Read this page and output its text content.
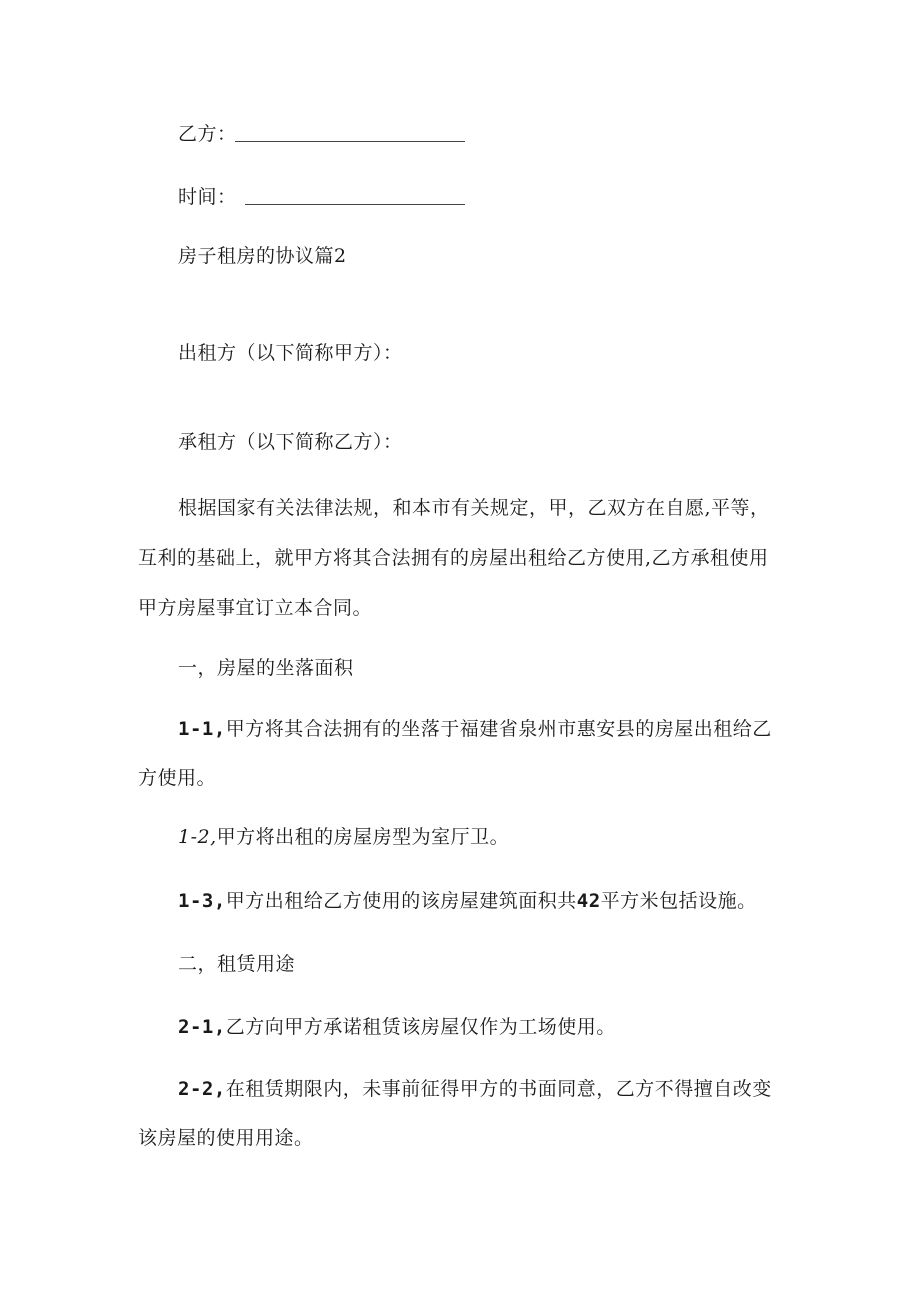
乙方：
时间：
房子租房的协议篇2
出租方（以下简称甲方）：
承租方（以下简称乙方）：
根据国家有关法律法规，和本市有关规定，甲，乙双方在自愿,平等，
互利的基础上，就甲方将其合法拥有的房屋出租给乙方使用,乙方承租使用
甲方房屋事宜订立本合同。
一，房屋的坐落面积
1-1,甲方将其合法拥有的坐落于福建省泉州市惠安县的房屋出租给乙
方使用。
1-2,甲方将出租的房屋房型为室厅卫。
1-3,甲方出租给乙方使用的该房屋建筑面积共42平方米包括设施。
二，租赁用途
2-1,乙方向甲方承诺租赁该房屋仅作为工场使用。
2-2,在租赁期限内，未事前征得甲方的书面同意，乙方不得擅自改变
该房屋的使用用途。
